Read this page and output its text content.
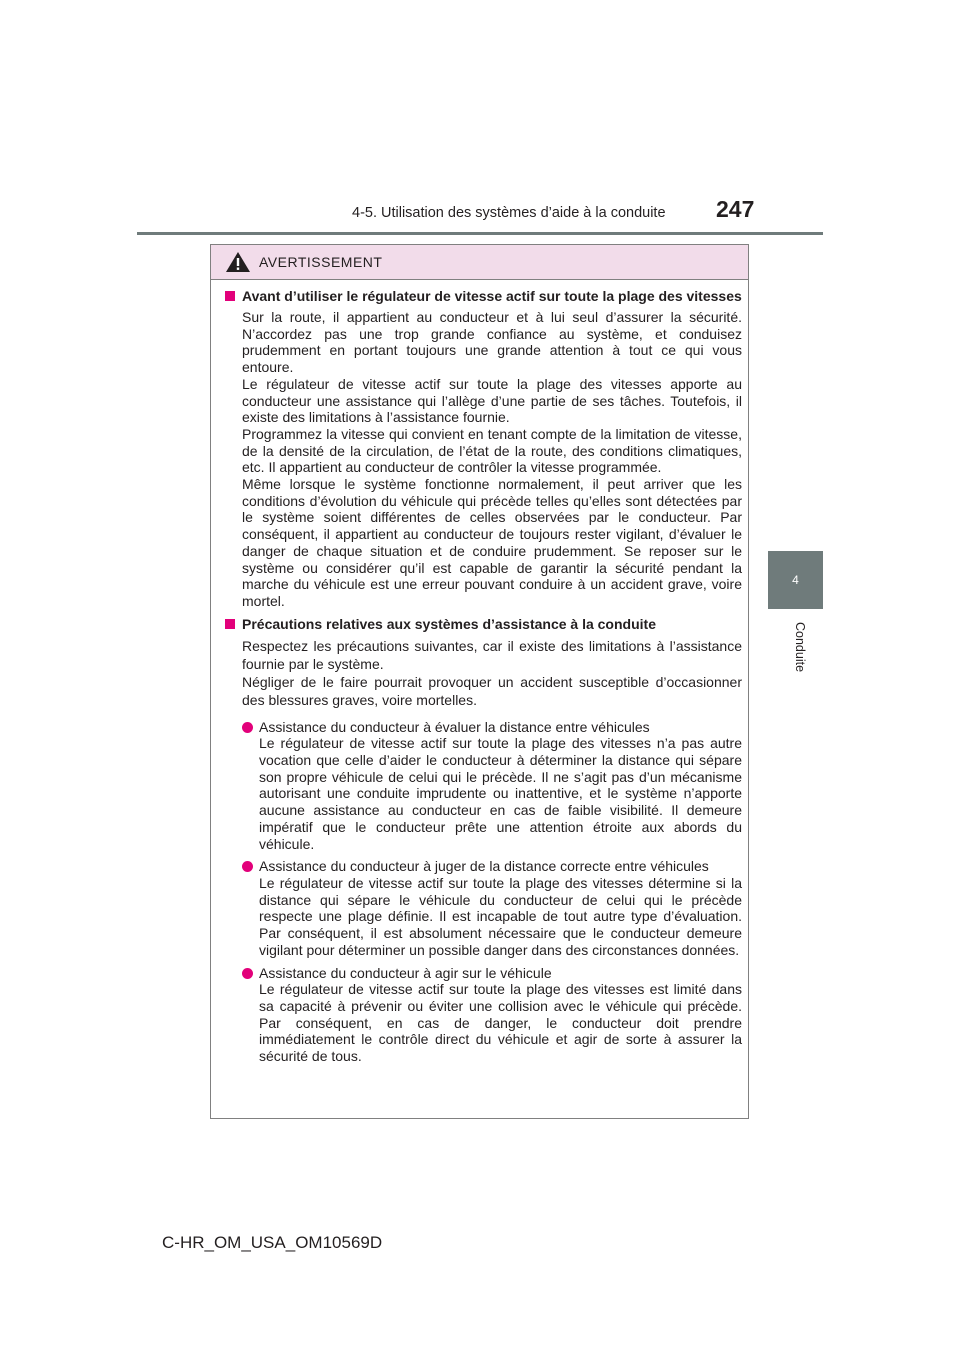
4-5. Utilisation des systèmes d’aide à la conduite 247
4
Conduite
AVERTISSEMENT
Avant d’utiliser le régulateur de vitesse actif sur toute la plage des vitesses

Sur la route, il appartient au conducteur et à lui seul d’assurer la sécurité. N’accordez pas une trop grande confiance au système, et conduisez prudemment en portant toujours une grande attention à tout ce qui vous entoure.

Le régulateur de vitesse actif sur toute la plage des vitesses apporte au conducteur une assistance qui l’allège d’une partie de ses tâches. Toutefois, il existe des limitations à l’assistance fournie.

Programmez la vitesse qui convient en tenant compte de la limitation de vitesse, de la densité de la circulation, de l’état de la route, des conditions climatiques, etc. Il appartient au conducteur de contrôler la vitesse programmée.

Même lorsque le système fonctionne normalement, il peut arriver que les conditions d’évolution du véhicule qui précède telles qu’elles sont détectées par le système soient différentes de celles observées par le conducteur. Par conséquent, il appartient au conducteur de toujours rester vigilant, d’évaluer le danger de chaque situation et de conduire prudemment. Se reposer sur le système ou considérer qu’il est capable de garantir la sécurité pendant la marche du véhicule est une erreur pouvant conduire à un accident grave, voire mortel.

Précautions relatives aux systèmes d’assistance à la conduite

Respectez les précautions suivantes, car il existe des limitations à l’assistance fournie par le système.

Négliger de le faire pourrait provoquer un accident susceptible d’occasionner des blessures graves, voire mortelles.

Assistance du conducteur à évaluer la distance entre véhicules
Le régulateur de vitesse actif sur toute la plage des vitesses n’a pas autre vocation que celle d’aider le conducteur à déterminer la distance qui sépare son propre véhicule de celui qui le précède. Il ne s’agit pas d’un mécanisme autorisant une conduite imprudente ou inattentive, et le système n’apporte aucune assistance au conducteur en cas de faible visibilité. Il demeure impératif que le conducteur prête une attention étroite aux abords du véhicule.
Assistance du conducteur à juger de la distance correcte entre véhicules
Le régulateur de vitesse actif sur toute la plage des vitesses détermine si la distance qui sépare le véhicule du conducteur de celui qui le précède respecte une plage définie. Il est incapable de tout autre type d’évaluation. Par conséquent, il est absolument nécessaire que le conducteur demeure vigilant pour déterminer un possible danger dans des circonstances données.
Assistance du conducteur à agir sur le véhicule
Le régulateur de vitesse actif sur toute la plage des vitesses est limité dans sa capacité à prévenir ou éviter une collision avec le véhicule qui précède. Par conséquent, en cas de danger, le conducteur doit prendre immédiatement le contrôle direct du véhicule et agir de sorte à assurer la sécurité de tous.
C-HR_OM_USA_OM10569D
